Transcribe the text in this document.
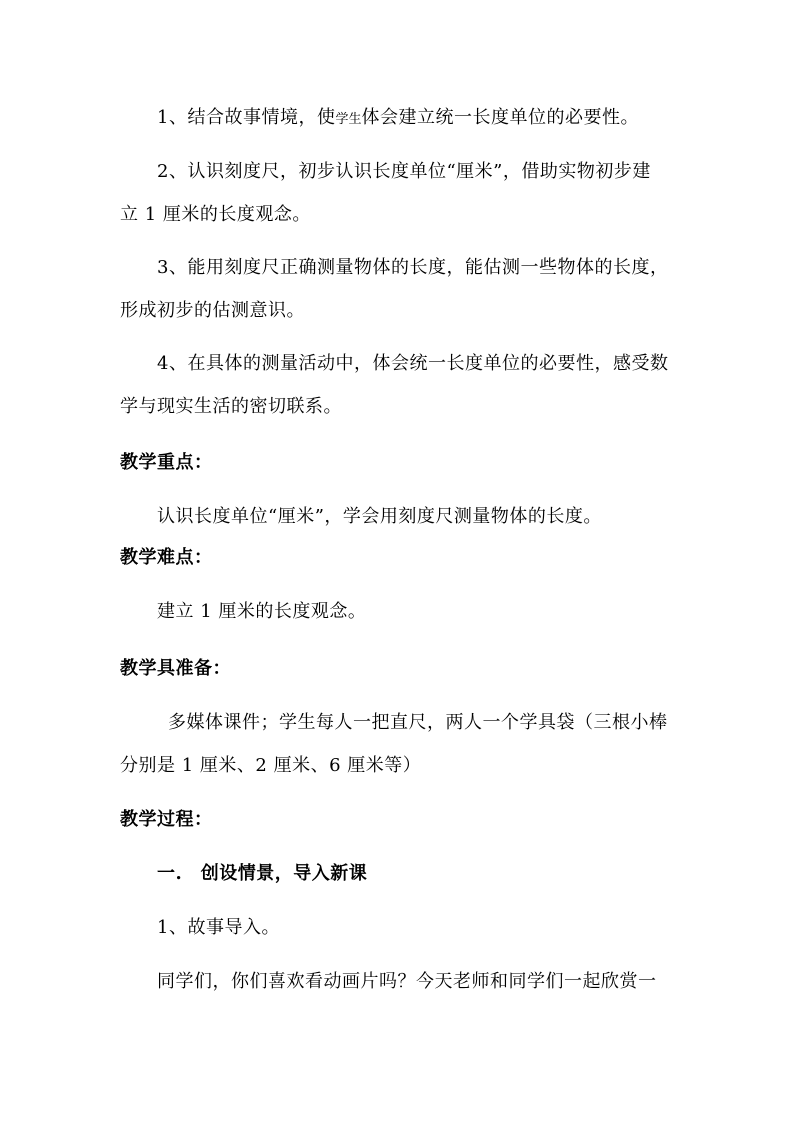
1、结合故事情境，使学生体会建立统一长度单位的必要性。
2、认识刻度尺，初步认识长度单位“厘米”，借助实物初步建
立 1 厘米的长度观念。
3、能用刻度尺正确测量物体的长度，能估测一些物体的长度，
形成初步的估测意识。
4、在具体的测量活动中，体会统一长度单位的必要性，感受数
学与现实生活的密切联系。
教学重点：
认识长度单位“厘米”，学会用刻度尺测量物体的长度。
教学难点：
建立 1 厘米的长度观念。
教学具准备：
多媒体课件；学生每人一把直尺，两人一个学具袋（三根小棒
分别是 1 厘米、2 厘米、6 厘米等）
教学过程：
一.　创设情景，导入新课
1、故事导入。
同学们，你们喜欢看动画片吗？今天老师和同学们一起欣赏一
